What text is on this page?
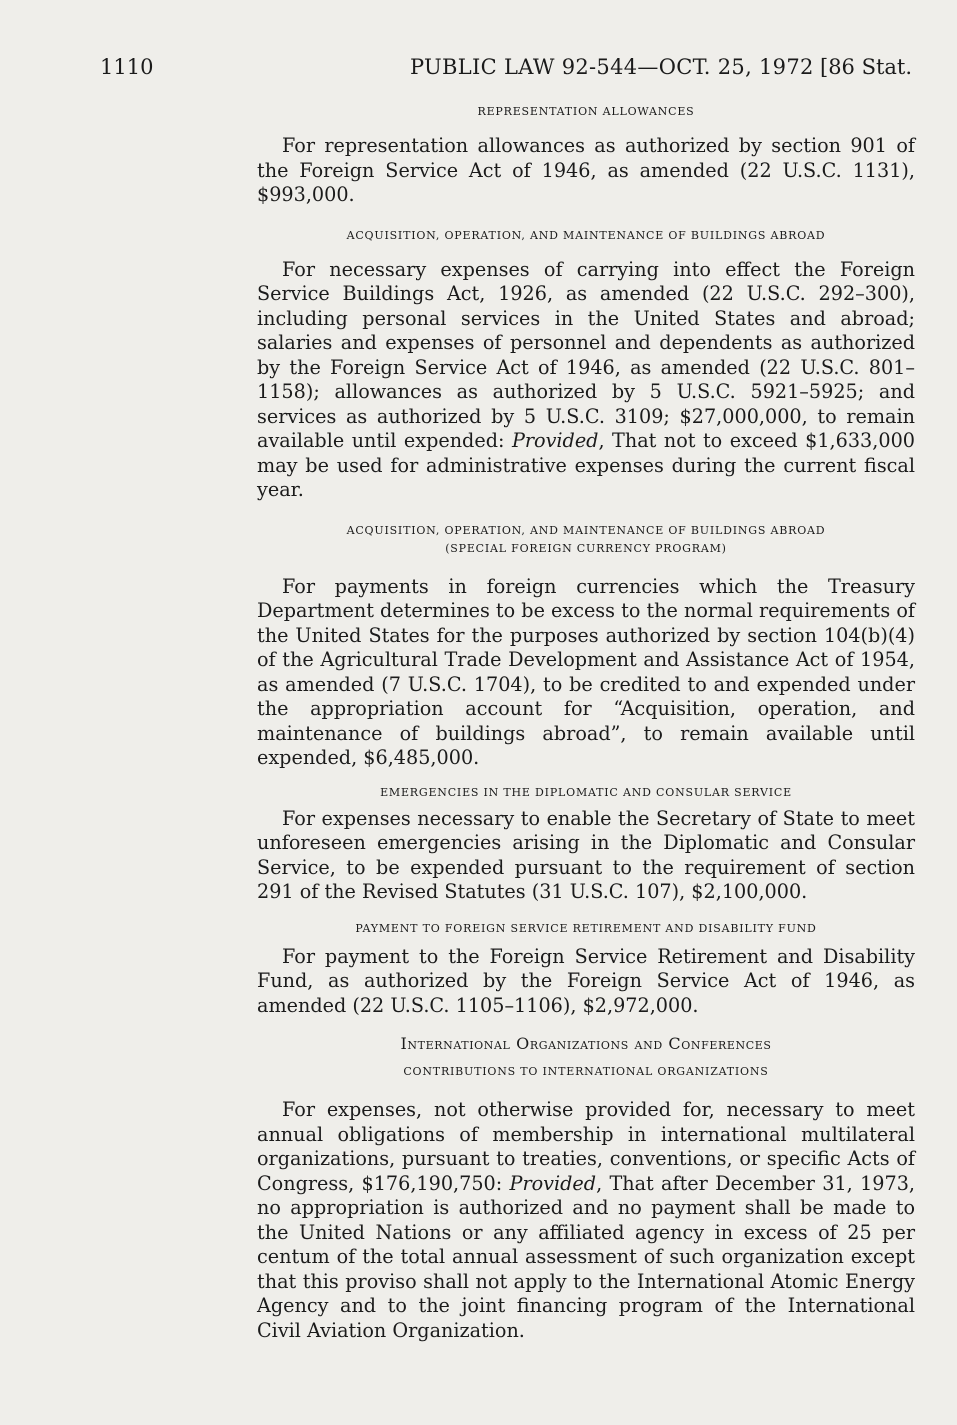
1110	PUBLIC LAW 92-544—OCT. 25, 1972 [86 Stat.

REPRESENTATION ALLOWANCES

For representation allowances as authorized by section 901 of the Foreign Service Act of 1946, as amended (22 U.S.C. 1131), $993,000.

ACQUISITION, OPERATION, AND MAINTENANCE OF BUILDINGS ABROAD

For necessary expenses of carrying into effect the Foreign Service Buildings Act, 1926, as amended (22 U.S.C. 292–300), including personal services in the United States and abroad; salaries and expenses of personnel and dependents as authorized by the Foreign Service Act of 1946, as amended (22 U.S.C. 801–1158); allowances as authorized by 5 U.S.C. 5921–5925; and services as authorized by 5 U.S.C. 3109; $27,000,000, to remain available until expended: Provided, That not to exceed $1,633,000 may be used for administrative expenses during the current fiscal year.

ACQUISITION, OPERATION, AND MAINTENANCE OF BUILDINGS ABROAD

(SPECIAL FOREIGN CURRENCY PROGRAM)

For payments in foreign currencies which the Treasury Department determines to be excess to the normal requirements of the United States for the purposes authorized by section 104(b)(4) of the Agricultural Trade Development and Assistance Act of 1954, as amended (7 U.S.C. 1704), to be credited to and expended under the appropriation account for “Acquisition, operation, and maintenance of buildings abroad”, to remain available until expended, $6,485,000.

EMERGENCIES IN THE DIPLOMATIC AND CONSULAR SERVICE

For expenses necessary to enable the Secretary of State to meet unforeseen emergencies arising in the Diplomatic and Consular Service, to be expended pursuant to the requirement of section 291 of the Revised Statutes (31 U.S.C. 107), $2,100,000.

PAYMENT TO FOREIGN SERVICE RETIREMENT AND DISABILITY FUND

For payment to the Foreign Service Retirement and Disability Fund, as authorized by the Foreign Service Act of 1946, as amended (22 U.S.C. 1105–1106), $2,972,000.

International Organizations and Conferences

CONTRIBUTIONS TO INTERNATIONAL ORGANIZATIONS

For expenses, not otherwise provided for, necessary to meet annual obligations of membership in international multilateral organizations, pursuant to treaties, conventions, or specific Acts of Congress, $176,190,750: Provided, That after December 31, 1973, no appropriation is authorized and no payment shall be made to the United Nations or any affiliated agency in excess of 25 per centum of the total annual assessment of such organization except that this proviso shall not apply to the International Atomic Energy Agency and to the joint financing program of the International Civil Aviation Organization.
